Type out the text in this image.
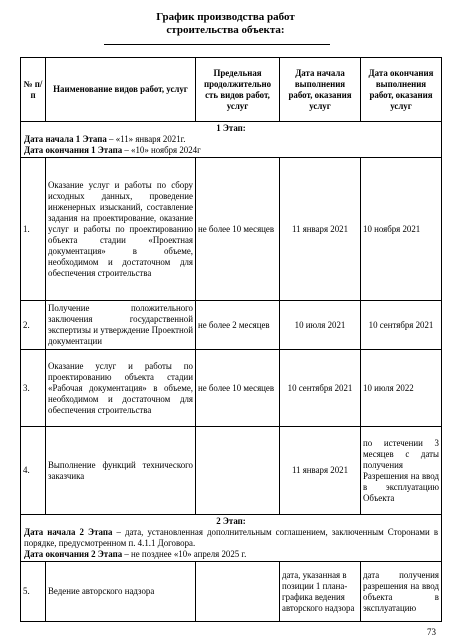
График производства работ
строительства объекта:
№ п/п	Наименование видов работ, услуг	Предельная продолжительно сть видов работ, услуг	Дата начала выполнения работ, оказания услуг	Дата окончания выполнения работ, оказания услуг

1 Этап:
Дата начала 1 Этапа – «11» января 2021г.
Дата окончания 1 Этапа – «10» ноября 2024г				

1.	Оказание услуг и работы по сбору исходных данных, проведение инженерных изысканий, составление задания на проектирование, оказание услуг и работы по проектированию объекта стадии «Проектная документация» в объеме, необходимом и достаточном для обеспечения строительства	не более 10 месяцев	11 января 2021	10 ноября 2021
2.	Получение положительного заключения государственной экспертизы и утверждение Проектной документации	не более 2 месяцев	10 июля 2021	10 сентября 2021
3.	Оказание услуг и работы по проектированию объекта стадии «Рабочая документация» в объеме, необходимом и достаточном для обеспечения строительства	не более 10 месяцев	10 сентября 2021	10 июля 2022
4.	Выполнение функций технического заказчика		11 января 2021	по истечении 3 месяцев с даты получения Разрешения на ввод в эксплуатацию Объекта

2 Этап:
Дата начала 2 Этапа – дата, установленная дополнительным соглашением, заключенным Сторонами в порядке, предусмотренном п. 4.1.1 Договора.
Дата окончания 2 Этапа – не позднее «10» апреля 2025 г.				

5.	Ведение авторского надзора		дата, указанная в позиции 1 плана-графика ведения авторского надзора	дата получения разрешения на ввод объекта в эксплуатацию
73
